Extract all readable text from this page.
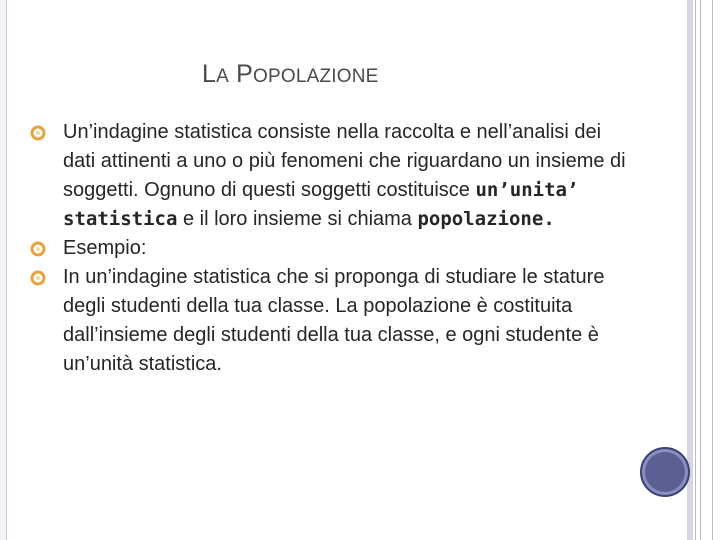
LA POPOLAZIONE
Un’indagine statistica consiste nella raccolta e nell’analisi dei dati attinenti a uno o più fenomeni che riguardano un insieme di soggetti. Ognuno di questi soggetti costituisce un’unita’ statistica e il loro insieme si chiama popolazione.
Esempio:
In un’indagine statistica che si proponga di studiare le stature degli studenti della tua classe. La popolazione è costituita dall’insieme degli studenti della tua classe, e ogni studente è un’unità statistica.
